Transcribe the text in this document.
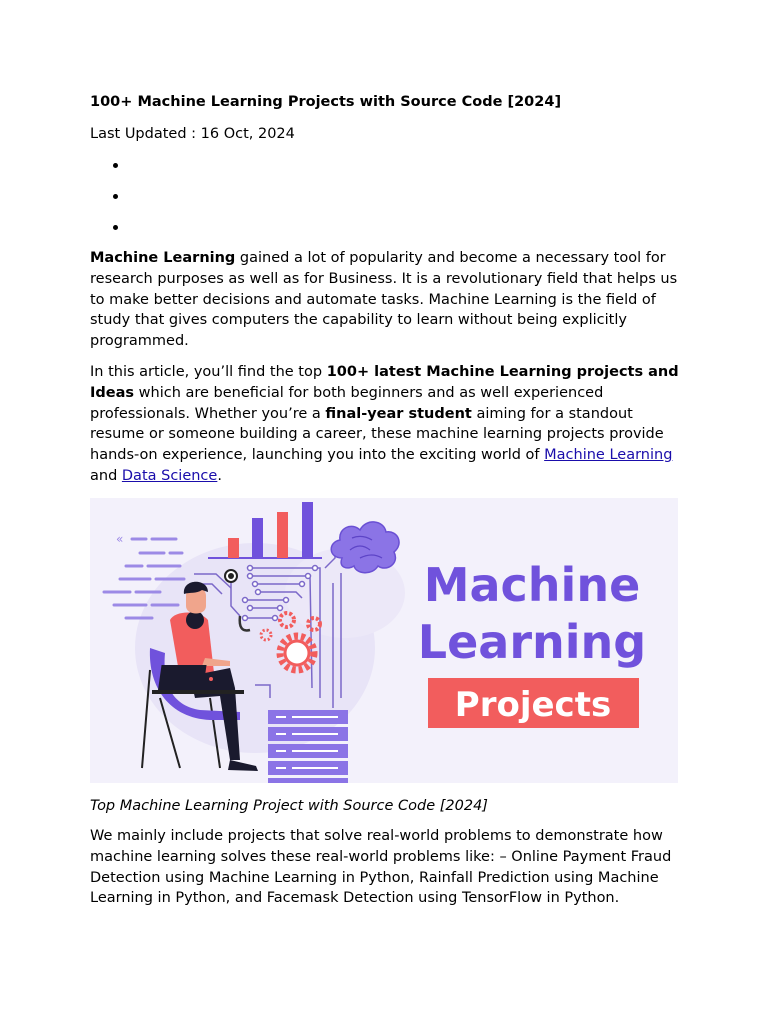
100+ Machine Learning Projects with Source Code [2024]
Last Updated : 16 Oct, 2024

Machine Learning gained a lot of popularity and become a necessary tool for research purposes as well as for Business. It is a revolutionary field that helps us to make better decisions and automate tasks. Machine Learning is the field of study that gives computers the capability to learn without being explicitly programmed.

In this article, you’ll find the top 100+ latest Machine Learning projects and Ideas which are beneficial for both beginners and as well experienced professionals. Whether you’re a final-year student aiming for a standout resume or someone building a career, these machine learning projects provide hands-on experience, launching you into the exciting world of Machine Learning and Data Science.

«
Machine
Learning
Projects
Top Machine Learning Project with Source Code [2024]

We mainly include projects that solve real-world problems to demonstrate how machine learning solves these real-world problems like: – Online Payment Fraud Detection using Machine Learning in Python, Rainfall Prediction using Machine Learning in Python, and Facemask Detection using TensorFlow in Python.
